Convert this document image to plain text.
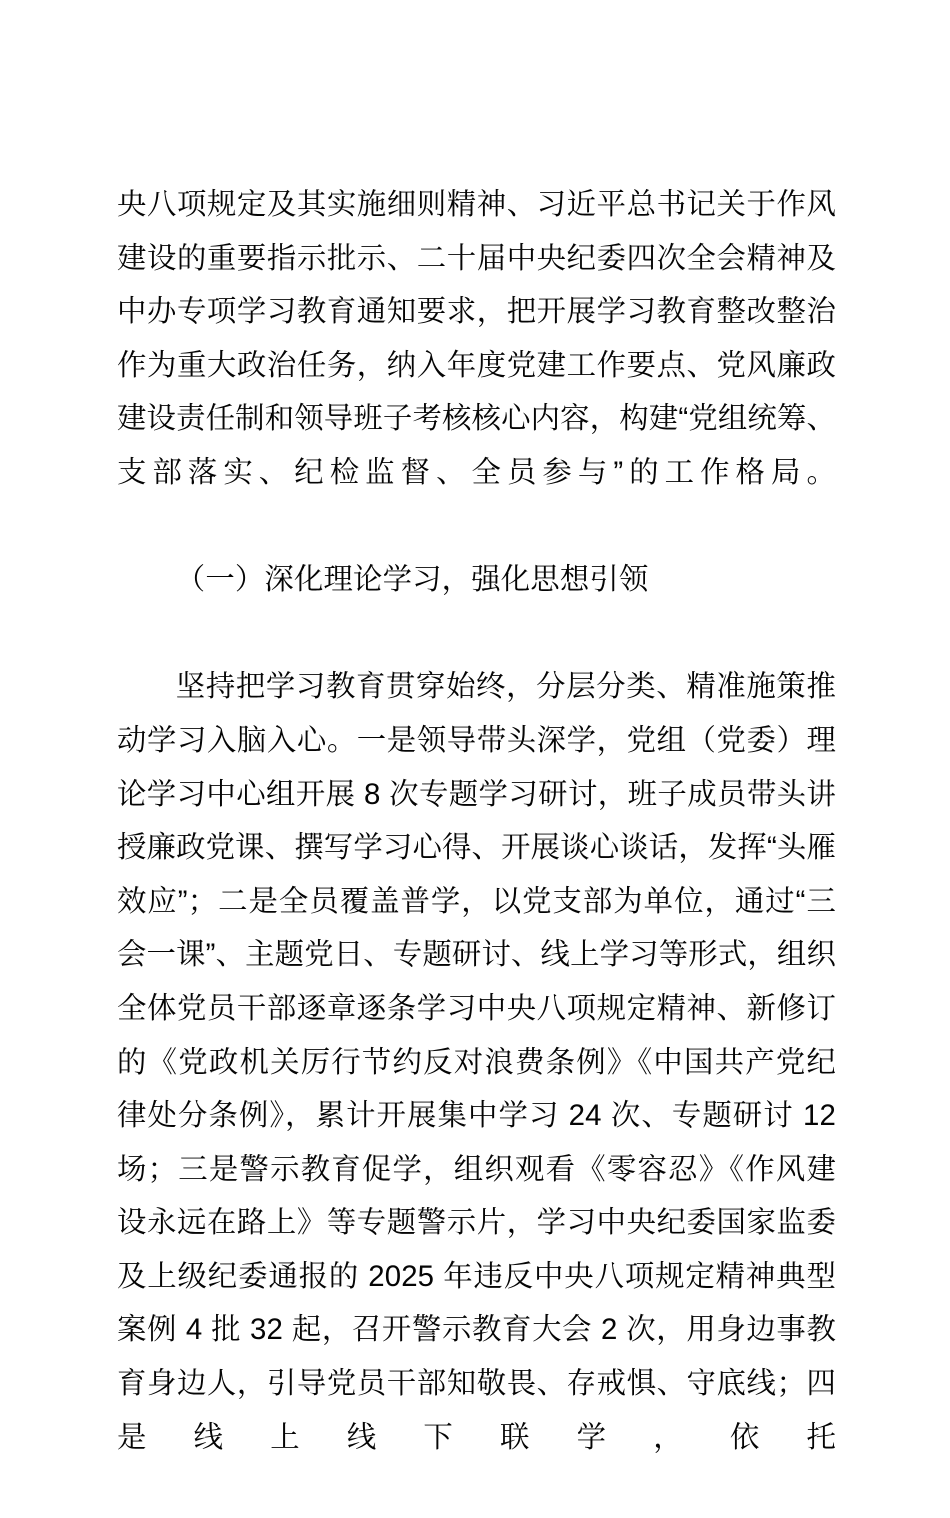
央八项规定及其实施细则精神、习近平总书记关于作风建设的重要指示批示、二十届中央纪委四次全会精神及中办专项学习教育通知要求，把开展学习教育整改整治作为重大政治任务，纳入年度党建工作要点、党风廉政建设责任制和领导班子考核核心内容，构建“党组统筹、支部落实、纪检监督、全员参与”的工作格局。

（一）深化理论学习，强化思想引领

坚持把学习教育贯穿始终，分层分类、精准施策推动学习入脑入心。一是领导带头深学，党组（党委）理论学习中心组开展 8 次专题学习研讨，班子成员带头讲授廉政党课、撰写学习心得、开展谈心谈话，发挥“头雁效应”；二是全员覆盖普学，以党支部为单位，通过“三会一课”、主题党日、专题研讨、线上学习等形式，组织全体党员干部逐章逐条学习中央八项规定精神、新修订的《党政机关厉行节约反对浪费条例》《中国共产党纪律处分条例》，累计开展集中学习 24 次、专题研讨 12 场；三是警示教育促学，组织观看《零容忍》《作风建设永远在路上》等专题警示片，学习中央纪委国家监委及上级纪委通报的 2025 年违反中央八项规定精神典型案例 4 批 32 起，召开警示教育大会 2 次，用身边事教育身边人，引导党员干部知敬畏、存戒惧、守底线；四是线上线下联学，依托
